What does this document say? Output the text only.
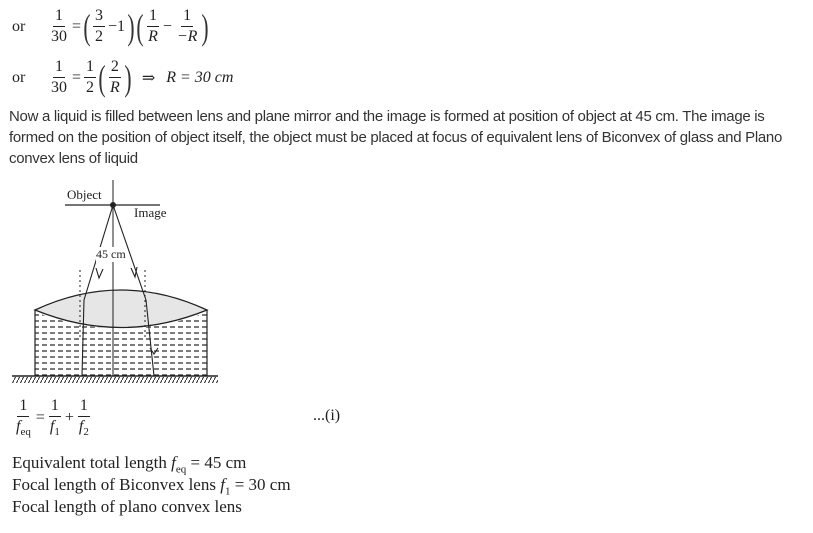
or	$\frac{1}{30}$ = ( $\frac{3}{2} -1$ ) ( $\frac{1}{R} - \frac{1}{-R}$ )
or	$\frac{1}{30} = \frac{1}{2}$ ( $\frac{2}{R}$ ) ⇒ R = 30 cm
Now a liquid is filled between lens and plane mirror and the image is formed at position of object at 45 cm. The image is formed on the position of object itself, the object must be placed at focus of equivalent lens of Biconvex of glass and Plano convex lens of liquid
Object
Image
45 cm
$\frac{1}{f_{eq}} = \frac{1}{f_1} + \frac{1}{f_2}$	...(i)
Equivalent total length $f_{eq} = 45$ cm
Focal length of Biconvex lens $f_1 = 30$ cm
Focal length of plano convex lens
